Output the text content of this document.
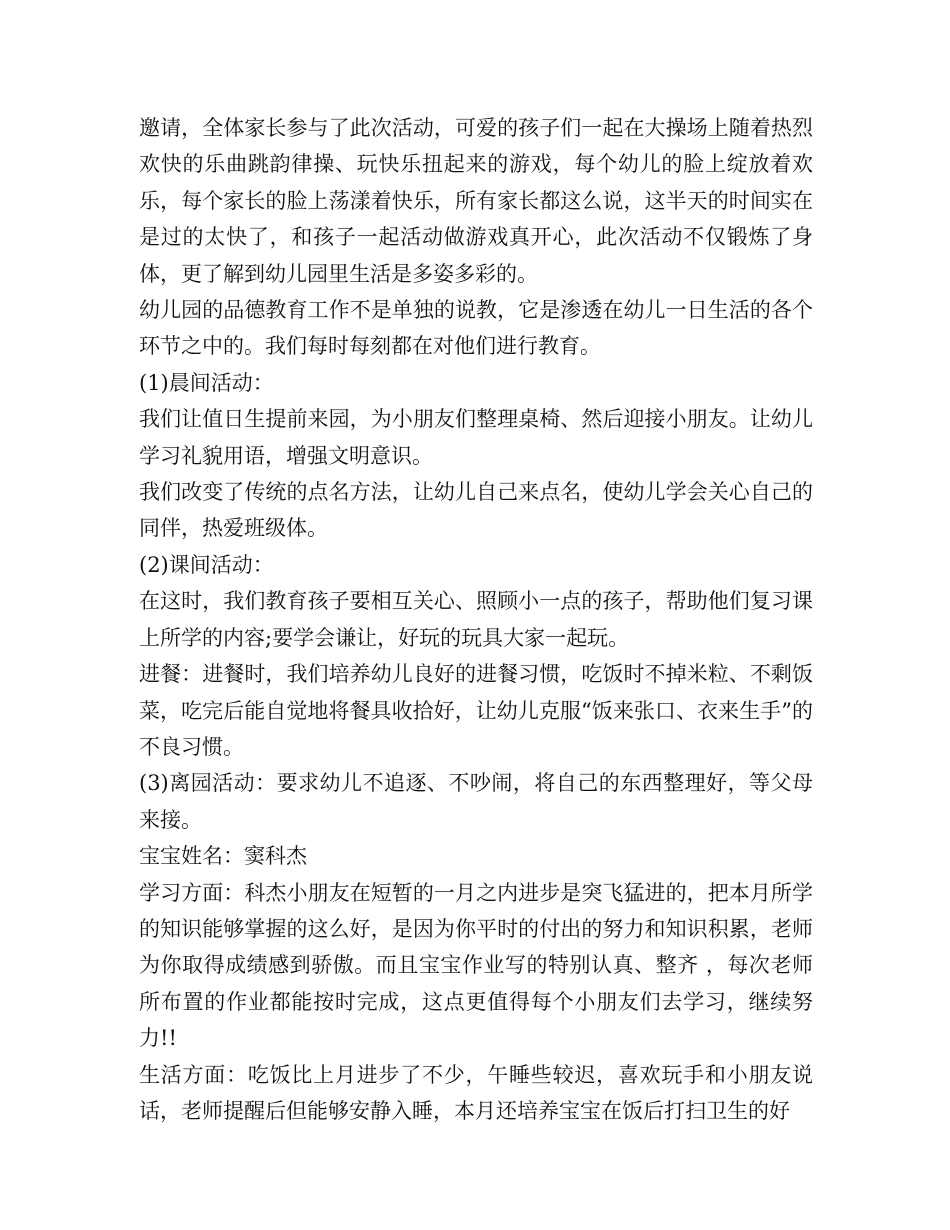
邀请，全体家长参与了此次活动，可爱的孩子们一起在大操场上随着热烈欢快的乐曲跳韵律操、玩快乐扭起来的游戏，每个幼儿的脸上绽放着欢乐，每个家长的脸上荡漾着快乐，所有家长都这么说，这半天的时间实在是过的太快了，和孩子一起活动做游戏真开心，此次活动不仅锻炼了身体，更了解到幼儿园里生活是多姿多彩的。

幼儿园的品德教育工作不是单独的说教，它是渗透在幼儿一日生活的各个环节之中的。我们每时每刻都在对他们进行教育。

(1)晨间活动：

我们让值日生提前来园，为小朋友们整理桌椅、然后迎接小朋友。让幼儿学习礼貌用语，增强文明意识。

我们改变了传统的点名方法，让幼儿自己来点名，使幼儿学会关心自己的同伴，热爱班级体。

(2)课间活动：

在这时，我们教育孩子要相互关心、照顾小一点的孩子，帮助他们复习课上所学的内容;要学会谦让，好玩的玩具大家一起玩。

进餐：进餐时，我们培养幼儿良好的进餐习惯，吃饭时不掉米粒、不剩饭菜，吃完后能自觉地将餐具收拾好，让幼儿克服“饭来张口、衣来生手”的不良习惯。

(3)离园活动：要求幼儿不追逐、不吵闹，将自己的东西整理好，等父母来接。

宝宝姓名：窦科杰

学习方面：科杰小朋友在短暂的一月之内进步是突飞猛进的，把本月所学的知识能够掌握的这么好，是因为你平时的付出的努力和知识积累，老师为你取得成绩感到骄傲。而且宝宝作业写的特别认真、整齐 ，每次老师所布置的作业都能按时完成，这点更值得每个小朋友们去学习，继续努力!!

生活方面：吃饭比上月进步了不少，午睡些较迟，喜欢玩手和小朋友说话，老师提醒后但能够安静入睡，本月还培养宝宝在饭后打扫卫生的好
